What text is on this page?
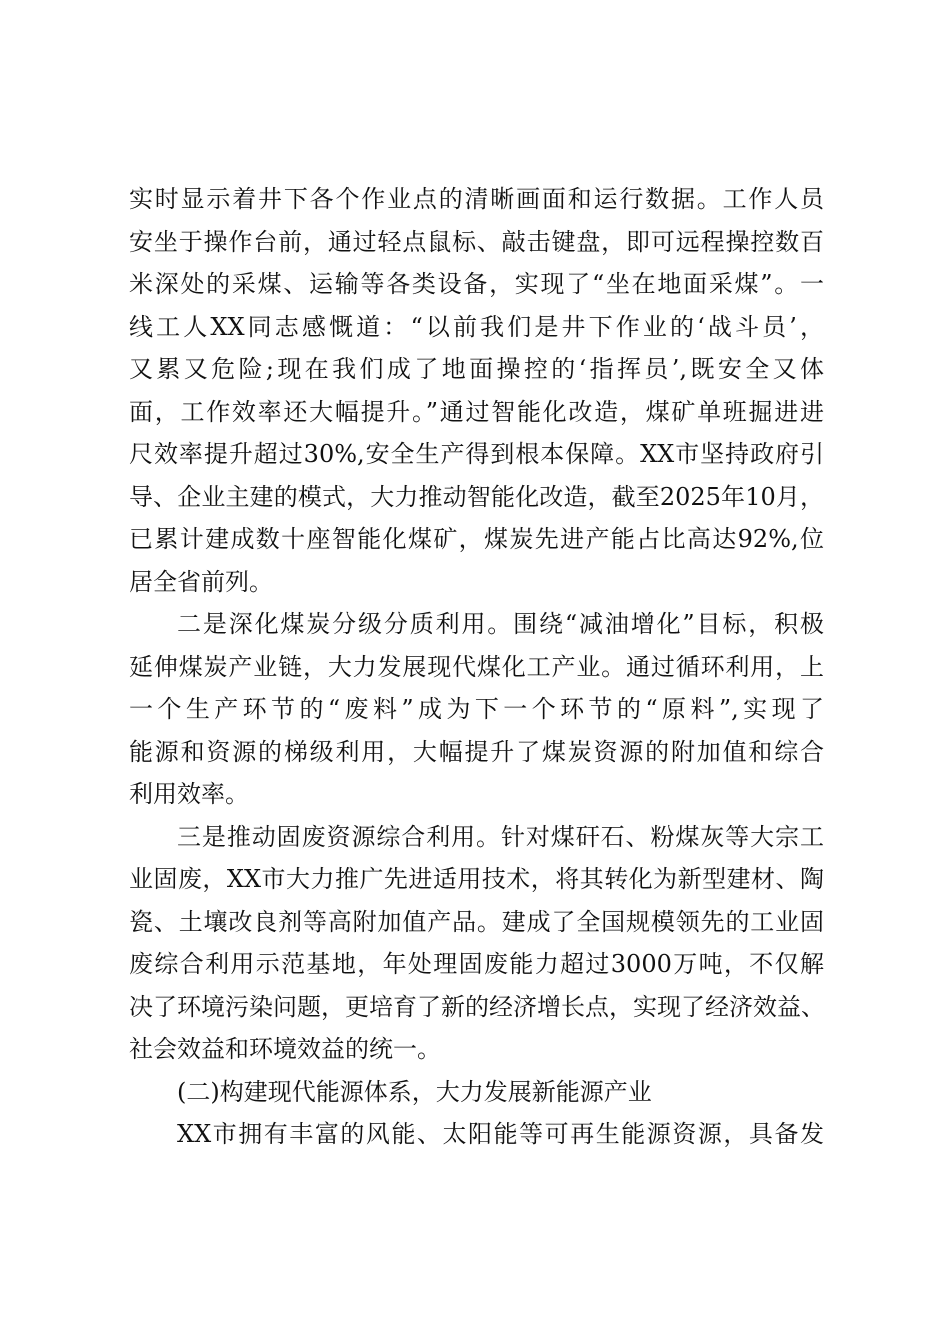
实时显示着井下各个作业点的清晰画面和运行数据。工作人员
安坐于操作台前，通过轻点鼠标、敲击键盘，即可远程操控数百
米深处的采煤、运输等各类设备，实现了“坐在地面采煤”。一
线工人XX同志感慨道：“以前我们是井下作业的‘战斗员’，
又累又危险;现在我们成了地面操控的‘指挥员’,既安全又体
面，工作效率还大幅提升。”通过智能化改造，煤矿单班掘进进
尺效率提升超过30%,安全生产得到根本保障。XX市坚持政府引
导、企业主建的模式，大力推动智能化改造，截至2025年10月，
已累计建成数十座智能化煤矿，煤炭先进产能占比高达92%,位
居全省前列。
二是深化煤炭分级分质利用。围绕“减油增化”目标，积极
延伸煤炭产业链，大力发展现代煤化工产业。通过循环利用，上
一个生产环节的“废料”成为下一个环节的“原料”,实现了
能源和资源的梯级利用，大幅提升了煤炭资源的附加值和综合
利用效率。
三是推动固废资源综合利用。针对煤矸石、粉煤灰等大宗工
业固废，XX市大力推广先进适用技术，将其转化为新型建材、陶
瓷、土壤改良剂等高附加值产品。建成了全国规模领先的工业固
废综合利用示范基地，年处理固废能力超过3000万吨，不仅解
决了环境污染问题，更培育了新的经济增长点，实现了经济效益、
社会效益和环境效益的统一。
(二)构建现代能源体系，大力发展新能源产业
XX市拥有丰富的风能、太阳能等可再生能源资源，具备发
